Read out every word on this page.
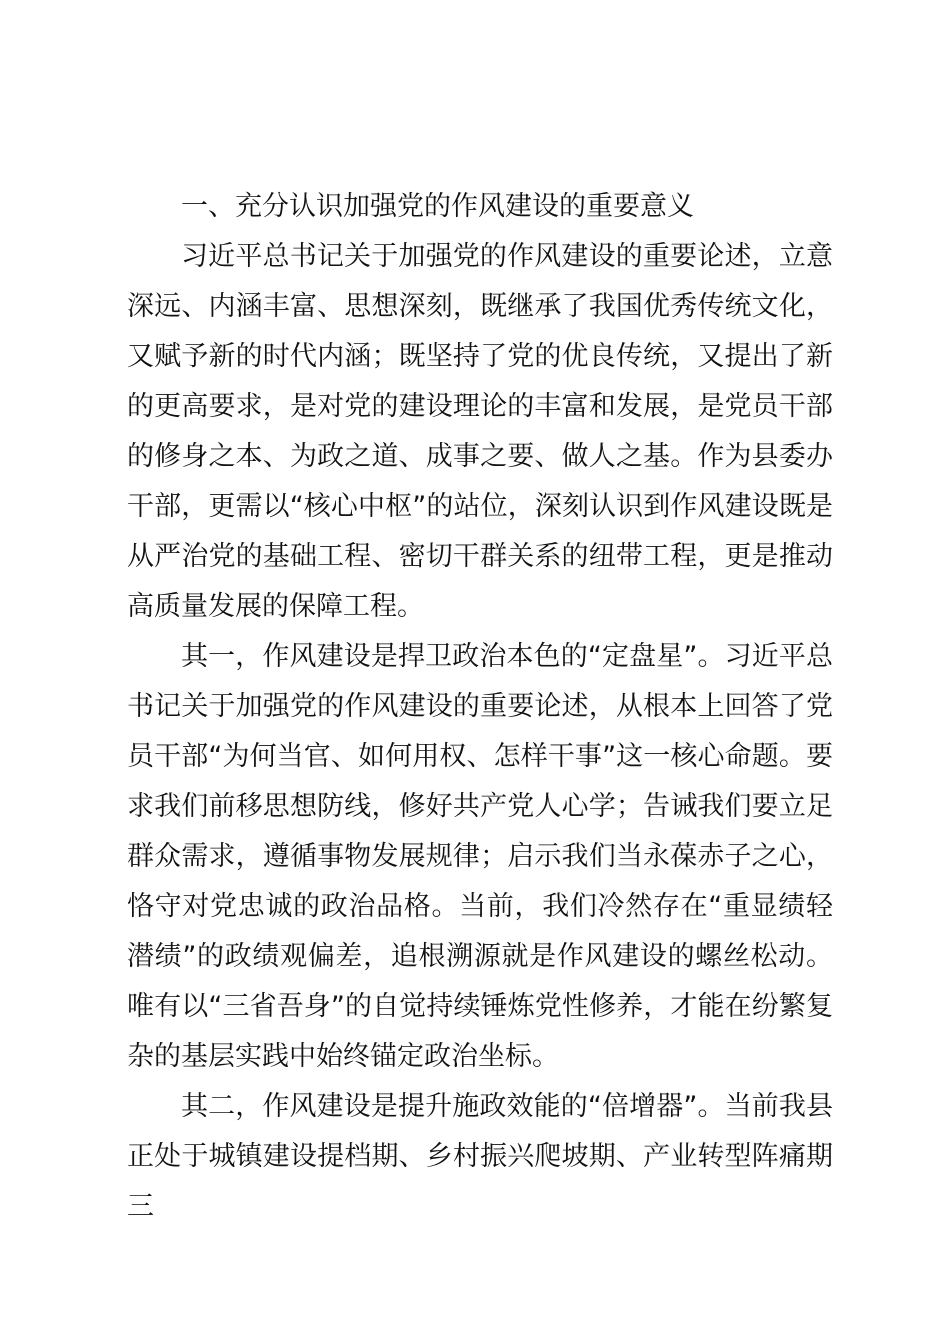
一、充分认识加强党的作风建设的重要意义

习近平总书记关于加强党的作风建设的重要论述，立意深远、内涵丰富、思想深刻，既继承了我国优秀传统文化，又赋予新的时代内涵；既坚持了党的优良传统，又提出了新的更高要求，是对党的建设理论的丰富和发展，是党员干部的修身之本、为政之道、成事之要、做人之基。作为县委办干部，更需以“核心中枢”的站位，深刻认识到作风建设既是从严治党的基础工程、密切干群关系的纽带工程，更是推动高质量发展的保障工程。

其一，作风建设是捍卫政治本色的“定盘星”。习近平总书记关于加强党的作风建设的重要论述，从根本上回答了党员干部“为何当官、如何用权、怎样干事”这一核心命题。要求我们前移思想防线，修好共产党人心学；告诫我们要立足群众需求，遵循事物发展规律；启示我们当永葆赤子之心，恪守对党忠诚的政治品格。当前，我们冷然存在“重显绩轻潜绩”的政绩观偏差，追根溯源就是作风建设的螺丝松动。唯有以“三省吾身”的自觉持续锤炼党性修养，才能在纷繁复杂的基层实践中始终锚定政治坐标。

其二，作风建设是提升施政效能的“倍增器”。当前我县正处于城镇建设提档期、乡村振兴爬坡期、产业转型阵痛期三
